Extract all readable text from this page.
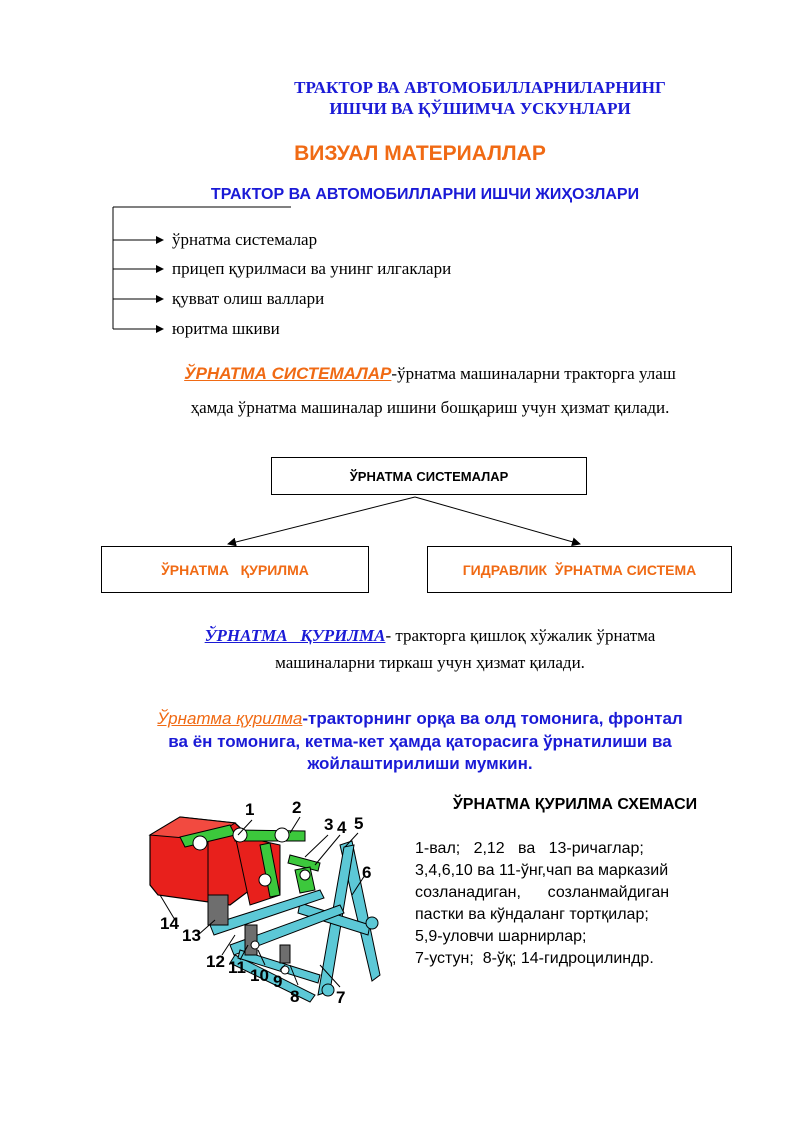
ТРАКТОР ВА АВТОМОБИЛЛАРНИЛАРНИНГ
ИШЧИ ВА ҚЎШИМЧА УСКУНЛАРИ
ВИЗУАЛ МАТЕРИАЛЛАР
ТРАКТОР ВА АВТОМОБИЛЛАРНИ ИШЧИ ЖИҲОЗЛАРИ
ўрнатма системалар
прицеп қурилмаси ва унинг илгаклари
қувват олиш валлари
юритма шкиви
ЎРНАТМА СИСТЕМАЛАР-ўрнатма машиналарни тракторга улаш
ҳамда ўрнатма машиналар ишини бошқариш учун ҳизмат қилади.
ЎРНАТМА СИСТЕМАЛАР
ЎРНАТМА   ҚУРИЛМА	ГИДРАВЛИК  ЎРНАТМА СИСТЕМА
ЎРНАТМА   ҚУРИЛМА- тракторга қишлоқ хўжалик ўрнатма
машиналарни тиркаш учун ҳизмат қилади.
Ўрнатма қурилма-тракторнинг орқа ва олд томонига, фронтал
ва ён томонига, кетма-кет ҳамда қаторасига ўрнатилиши ва
жойлаштирилиши мумкин.
ЎРНАТМА ҚУРИЛМА СХЕМАСИ
1-вал;   2,12   ва   13-ричаглар;
3,4,6,10 ва 11-ўнг,чап ва марказий
созланадиган,      созланмайдиган
пастки ва кўндаланг тортқилар;
5,9-уловчи шарнирлар;
7-устун;  8-ўқ; 14-гидроцилиндр.
1 2
3 4 5
6
7
8
9
10
11
12
13
14
